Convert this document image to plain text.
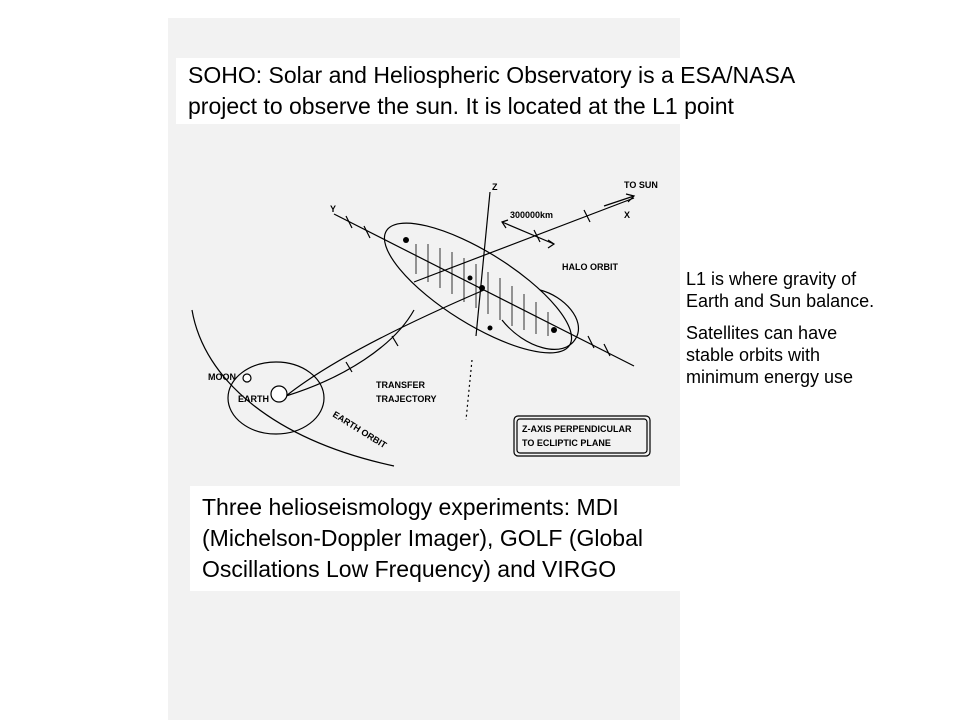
SOHO: Solar and Heliospheric Observatory is a ESA/NASA project to observe the sun. It is located at the L1 point
Z
Y
X
TO SUN
300000km
HALO ORBIT
MOON
EARTH
TRANSFER
TRAJECTORY
EARTH ORBIT	Z-AXIS PERPENDICULAR
TO ECLIPTIC PLANE

L1 is where gravity of Earth and Sun balance.

Satellites can have stable orbits with minimum energy use

Three helioseismology experiments: MDI (Michelson-Doppler Imager), GOLF (Global Oscillations Low Frequency) and VIRGO
